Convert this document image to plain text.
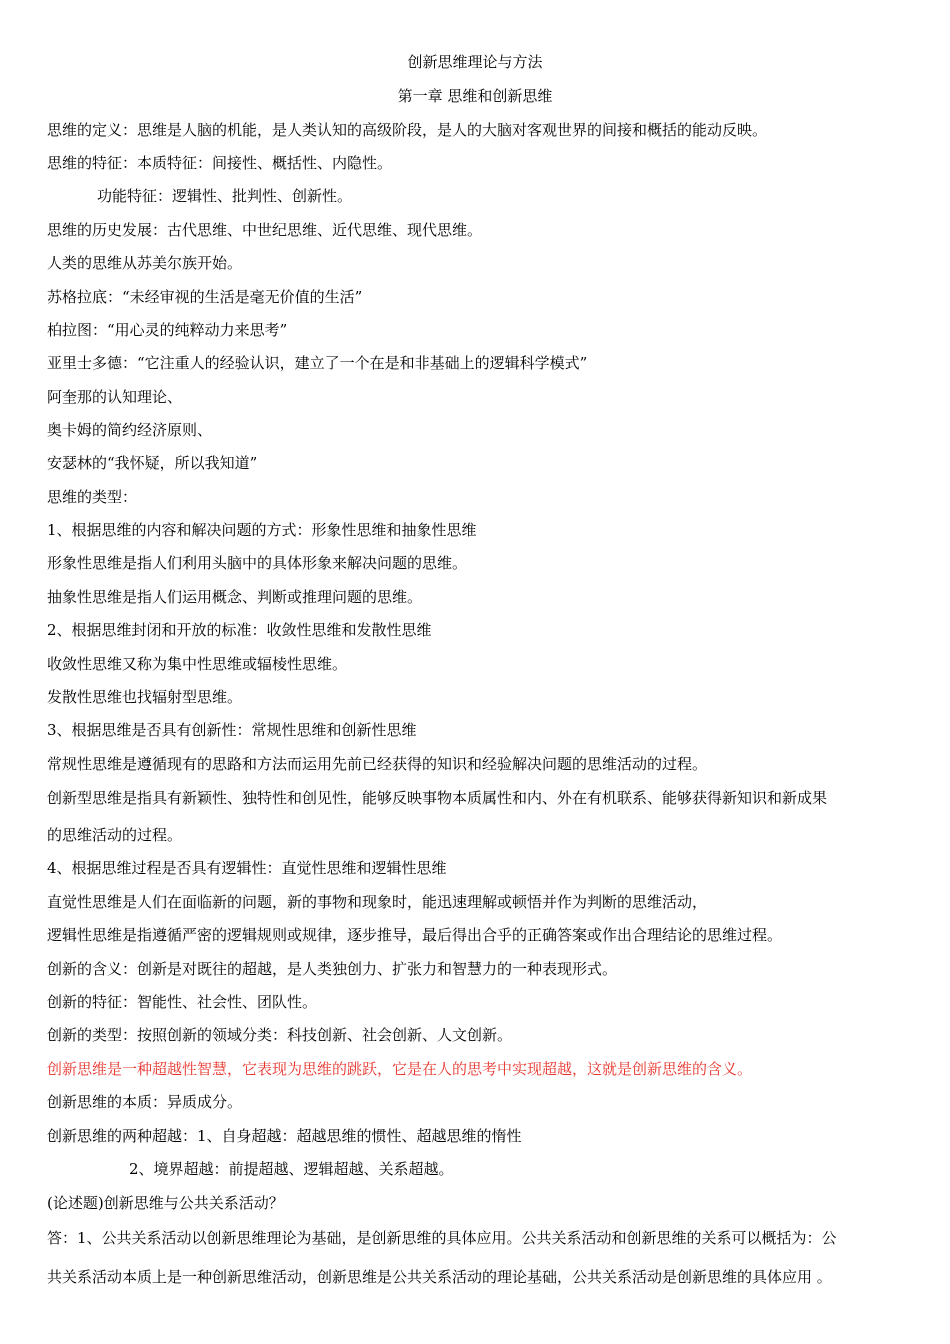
创新思维理论与方法
第一章 思维和创新思维
思维的定义：思维是人脑的机能，是人类认知的高级阶段，是人的大脑对客观世界的间接和概括的能动反映。
思维的特征：本质特征：间接性、概括性、内隐性。
功能特征：逻辑性、批判性、创新性。
思维的历史发展：古代思维、中世纪思维、近代思维、现代思维。
人类的思维从苏美尔族开始。
苏格拉底：“未经审视的生活是毫无价值的生活”
柏拉图：“用心灵的纯粹动力来思考”
亚里士多德：“它注重人的经验认识，建立了一个在是和非基础上的逻辑科学模式”
阿奎那的认知理论、
奥卡姆的简约经济原则、
安瑟林的“我怀疑，所以我知道”
思维的类型：
1、根据思维的内容和解决问题的方式：形象性思维和抽象性思维
形象性思维是指人们利用头脑中的具体形象来解决问题的思维。
抽象性思维是指人们运用概念、判断或推理问题的思维。
2、根据思维封闭和开放的标准：收敛性思维和发散性思维
收敛性思维又称为集中性思维或辐棱性思维。
发散性思维也找辐射型思维。
3、根据思维是否具有创新性：常规性思维和创新性思维
常规性思维是遵循现有的思路和方法而运用先前已经获得的知识和经验解决问题的思维活动的过程。
创新型思维是指具有新颖性、独特性和创见性，能够反映事物本质属性和内、外在有机联系、能够获得新知识和新成果
的思维活动的过程。
4、根据思维过程是否具有逻辑性：直觉性思维和逻辑性思维
直觉性思维是人们在面临新的问题，新的事物和现象时，能迅速理解或顿悟并作为判断的思维活动，
逻辑性思维是指遵循严密的逻辑规则或规律，逐步推导，最后得出合乎的正确答案或作出合理结论的思维过程。
创新的含义：创新是对既往的超越，是人类独创力、扩张力和智慧力的一种表现形式。
创新的特征：智能性、社会性、团队性。
创新的类型：按照创新的领域分类：科技创新、社会创新、人文创新。
创新思维是一种超越性智慧，它表现为思维的跳跃，它是在人的思考中实现超越，这就是创新思维的含义。
创新思维的本质：异质成分。
创新思维的两种超越：1、自身超越：超越思维的惯性、超越思维的惰性
2、境界超越：前提超越、逻辑超越、关系超越。
(论述题)创新思维与公共关系活动？
答：1、公共关系活动以创新思维理论为基础，是创新思维的具体应用。公共关系活动和创新思维的关系可以概括为：公
共关系活动本质上是一种创新思维活动，创新思维是公共关系活动的理论基础，公共关系活动是创新思维的具体应用 。
